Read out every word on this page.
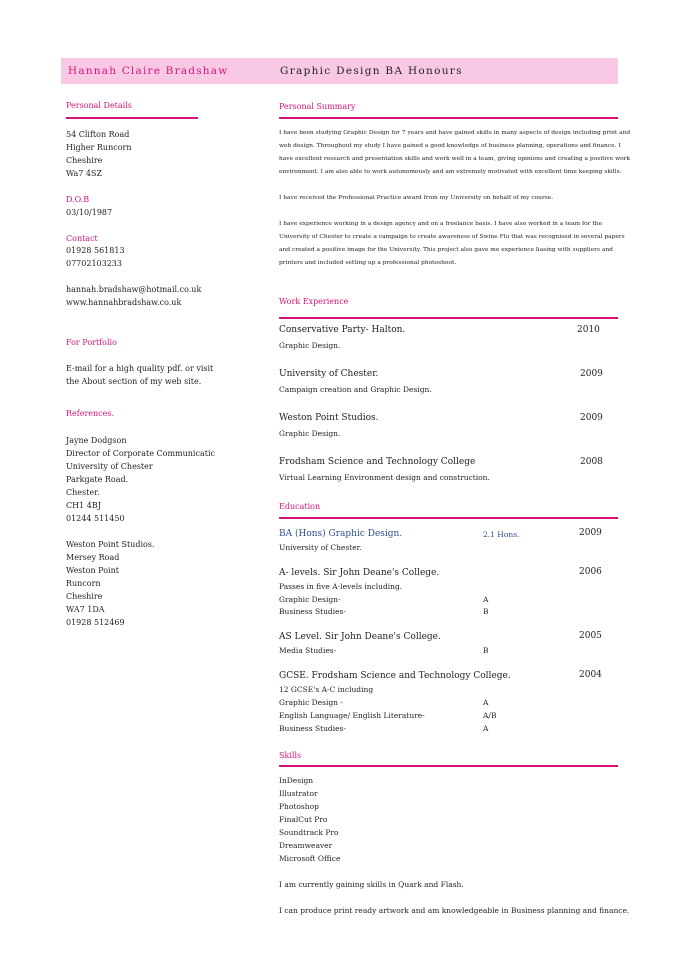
Hannah Claire Bradshaw	Graphic Design BA Honours
Personal Details
54 Clifton Road
Higher Runcorn
Cheshire
Wa7 4SZ
D.O.B
03/10/1987
Contact
01928 561813
07702103233
hannah.bradshaw@hotmail.co.uk
www.hannahbradshaw.co.uk
For Portfolio
E-mail for a high quality pdf. or visit
the About section of my web site.
References.
Jayne Dodgson
Director of Corporate Communicatic
University of Chester
Parkgate Road.
Chester.
CH1 4BJ
01244 511450
Weston Point Studios.
Mersey Road
Weston Point
Runcorn
Cheshire
WA7 1DA
01928 512469
Personal Summary
I have been studying Graphic Design for 7 years and have gained skills in many aspects of design including print and
web design. Throughout my study I have gained a good knowledge of business planning, operations and finance. I
have excellent research and presentation skills and work well in a team, giving opinions and creating a positive work
environment. I am also able to work autonomously and am extremely motivated with excellent time keeping skills.
I have received the Professional Practice award from my University on behalf of my course.
I have experience working in a design agency and on a freelance basis. I have also worked in a team for the
University of Chester to create a campaign to create awareness of Swine Flu that was recognised in several papers
and created a positive image for the University. This project also gave me experience liasing with suppliers and
printers and included setting up a professional photoshoot.
Work Experience
Conservative Party- Halton.	2010
Graphic Design.
University of Chester.	2009
Campaign creation and Graphic Design.
Weston Point Studios.	2009
Graphic Design.
Frodsham Science and Technology College	2008
Virtual Learning Environment design and construction.
Education
BA (Hons) Graphic Design.	2.1 Hons.	2009
University of Chester.
A- levels. Sir John Deane's College.	2006
Passes in five A-levels including.
Graphic Design-	A
Business Studies-	B
AS Level. Sir John Deane's College.	2005
Media Studies-	B
GCSE. Frodsham Science and Technology College.	2004
12 GCSE's A-C including
Graphic Design -	A
English Language/ English Literature-	A/B
Business Studies-	A
Skills
InDesign
Illustrator
Photoshop
FinalCut Pro
Soundtrack Pro
Dreamweaver
Microsoft Office
I am currently gaining skills in Quark and Flash.
I can produce print ready artwork and am knowledgeable in Business planning and finance.
